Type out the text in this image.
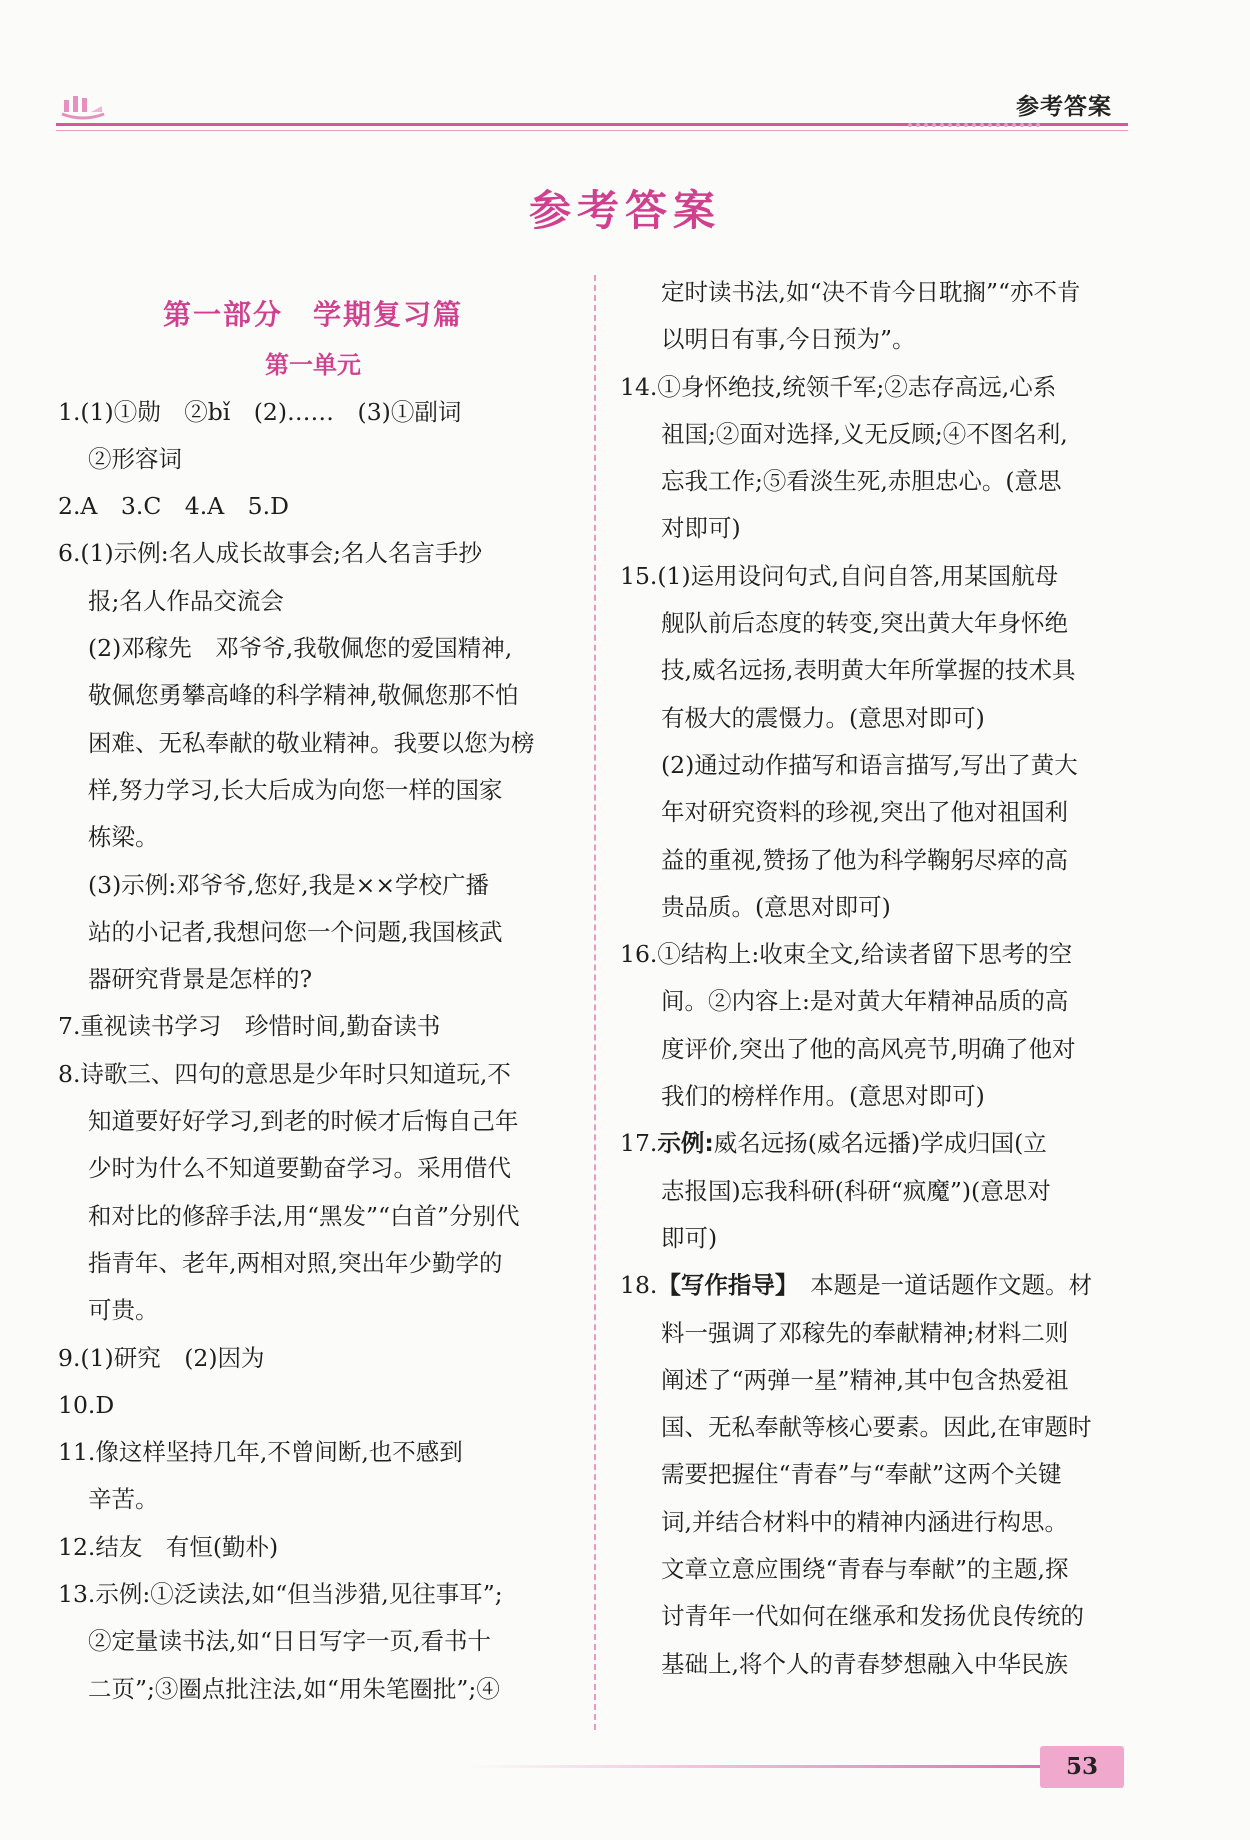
参考答案
参考答案

第一部分　学期复习篇

第一单元

1.(1)①勋　②bǐ　(2)……　(3)①副词

②形容词

2.A　3.C　4.A　5.D

6.(1)示例:名人成长故事会;名人名言手抄

报;名人作品交流会

(2)邓稼先　邓爷爷,我敬佩您的爱国精神,

敬佩您勇攀高峰的科学精神,敬佩您那不怕

困难、无私奉献的敬业精神。我要以您为榜

样,努力学习,长大后成为向您一样的国家

栋梁。

(3)示例:邓爷爷,您好,我是××学校广播

站的小记者,我想问您一个问题,我国核武

器研究背景是怎样的?

7.重视读书学习　珍惜时间,勤奋读书

8.诗歌三、四句的意思是少年时只知道玩,不

知道要好好学习,到老的时候才后悔自己年

少时为什么不知道要勤奋学习。采用借代

和对比的修辞手法,用“黑发”“白首”分别代

指青年、老年,两相对照,突出年少勤学的

可贵。

9.(1)研究　(2)因为

10.D

11.像这样坚持几年,不曾间断,也不感到

辛苦。

12.结友　有恒(勤朴)

13.示例:①泛读法,如“但当涉猎,见往事耳”;

②定量读书法,如“日日写字一页,看书十

二页”;③圈点批注法,如“用朱笔圈批”;④

定时读书法,如“决不肯今日耽搁”“亦不肯

以明日有事,今日预为”。

14.①身怀绝技,统领千军;②志存高远,心系

祖国;②面对选择,义无反顾;④不图名利,

忘我工作;⑤看淡生死,赤胆忠心。(意思

对即可)

15.(1)运用设问句式,自问自答,用某国航母

舰队前后态度的转变,突出黄大年身怀绝

技,威名远扬,表明黄大年所掌握的技术具

有极大的震慑力。(意思对即可)

(2)通过动作描写和语言描写,写出了黄大

年对研究资料的珍视,突出了他对祖国利

益的重视,赞扬了他为科学鞠躬尽瘁的高

贵品质。(意思对即可)

16.①结构上:收束全文,给读者留下思考的空

间。②内容上:是对黄大年精神品质的高

度评价,突出了他的高风亮节,明确了他对

我们的榜样作用。(意思对即可)

17.示例:威名远扬(威名远播)学成归国(立

志报国)忘我科研(科研“疯魔”)(意思对

即可)

18.【写作指导】　 本题是一道话题作文题。材

料一强调了邓稼先的奉献精神;材料二则

阐述了“两弹一星”精神,其中包含热爱祖

国、无私奉献等核心要素。因此,在审题时

需要把握住“青春”与“奉献”这两个关键

词,并结合材料中的精神内涵进行构思。

文章立意应围绕“青春与奉献”的主题,探

讨青年一代如何在继承和发扬优良传统的

基础上,将个人的青春梦想融入中华民族

53
